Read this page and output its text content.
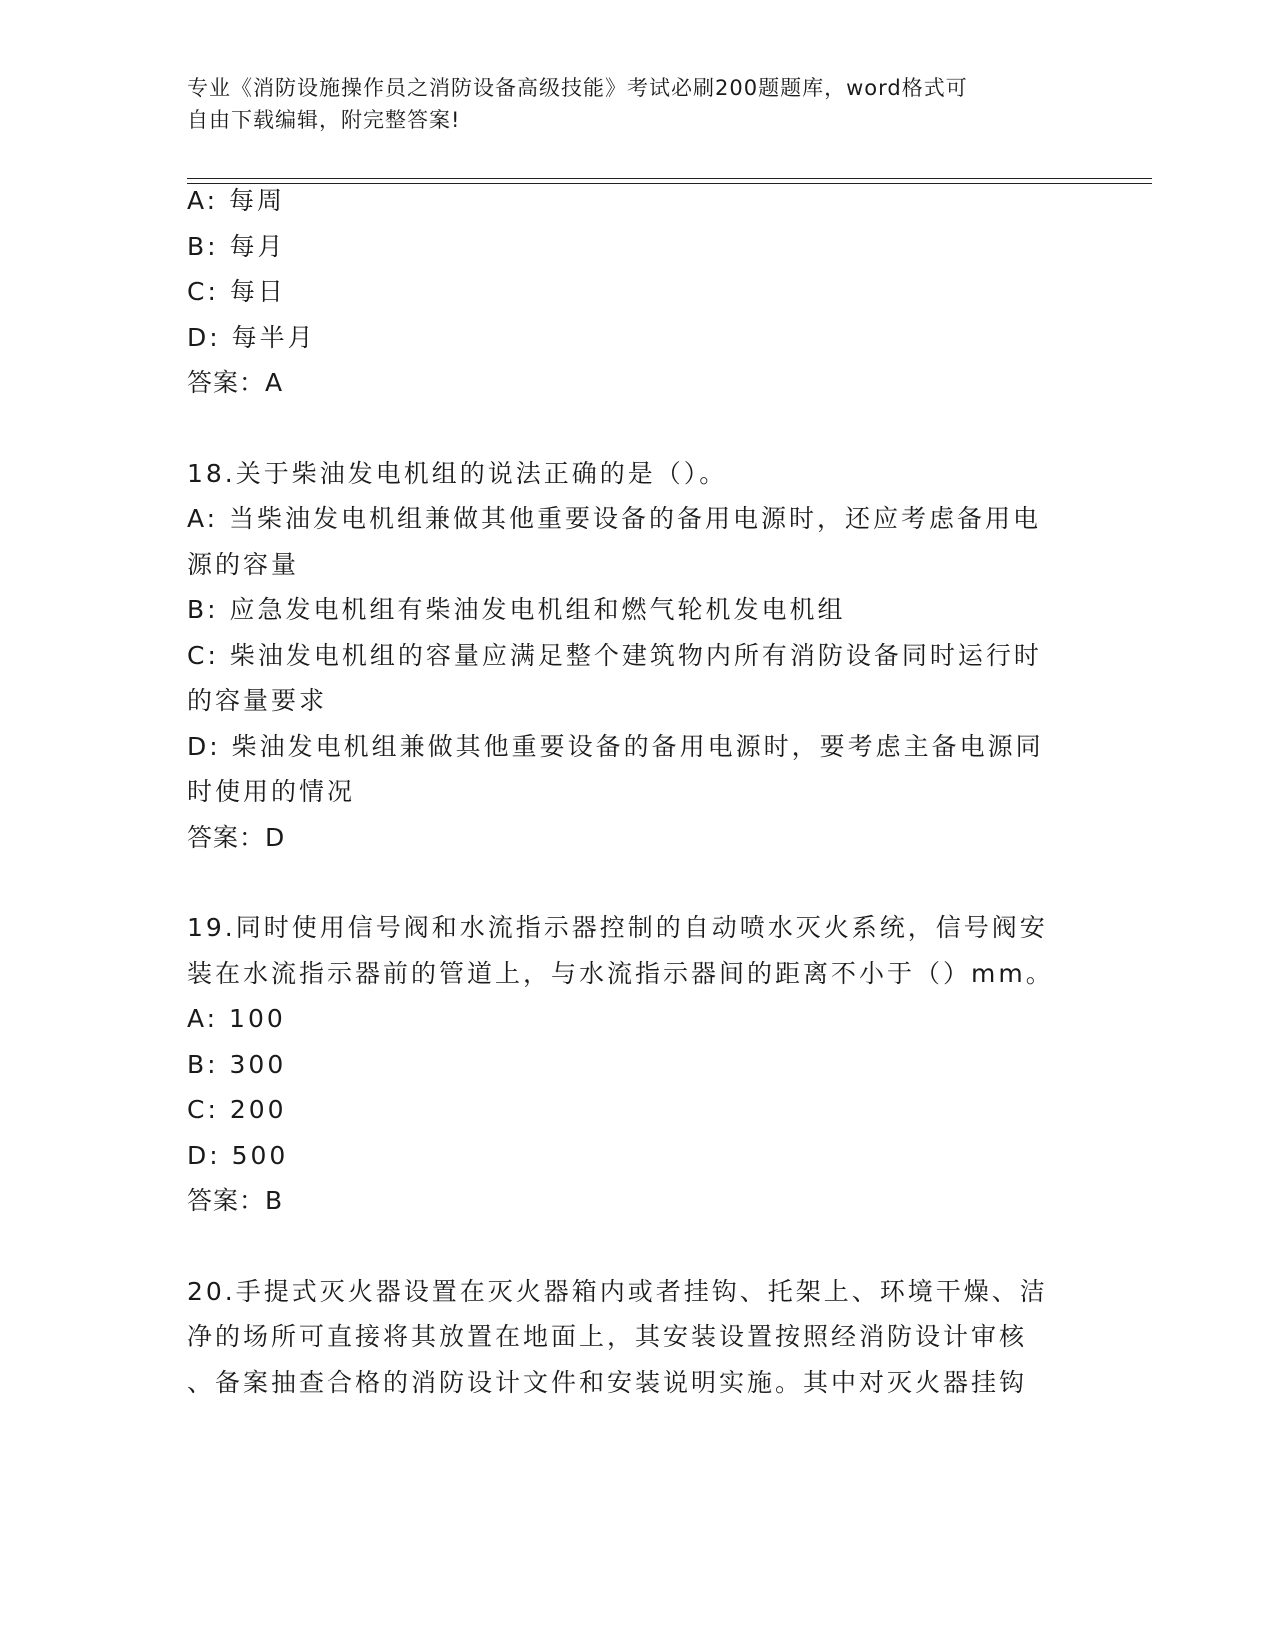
专业《消防设施操作员之消防设备高级技能》考试必刷200题题库，word格式可
自由下载编辑，附完整答案!
A: 每周
B: 每月
C: 每日
D: 每半月
答案：A
18.关于柴油发电机组的说法正确的是（）。
A: 当柴油发电机组兼做其他重要设备的备用电源时，还应考虑备用电
源的容量
B: 应急发电机组有柴油发电机组和燃气轮机发电机组
C: 柴油发电机组的容量应满足整个建筑物内所有消防设备同时运行时
的容量要求
D: 柴油发电机组兼做其他重要设备的备用电源时，要考虑主备电源同
时使用的情况
答案：D
19.同时使用信号阀和水流指示器控制的自动喷水灭火系统，信号阀安
装在水流指示器前的管道上，与水流指示器间的距离不小于（）mm。
A: 100
B: 300
C: 200
D: 500
答案：B
20.手提式灭火器设置在灭火器箱内或者挂钩、托架上、环境干燥、洁
净的场所可直接将其放置在地面上，其安装设置按照经消防设计审核
、备案抽查合格的消防设计文件和安装说明实施。其中对灭火器挂钩
